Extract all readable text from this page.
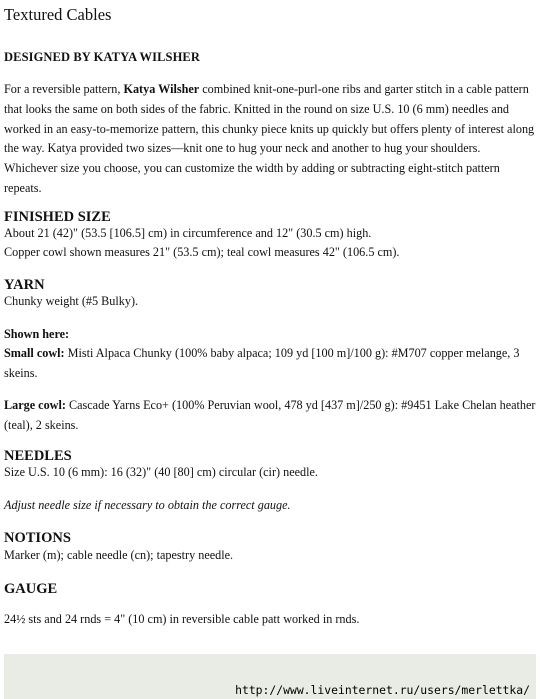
Textured Cables
DESIGNED BY KATYA WILSHER
For a reversible pattern, Katya Wilsher combined knit-one-purl-one ribs and garter stitch in a cable pattern that looks the same on both sides of the fabric. Knitted in the round on size U.S. 10 (6 mm) needles and worked in an easy-to-memorize pattern, this chunky piece knits up quickly but offers plenty of interest along the way. Katya provided two sizes—knit one to hug your neck and another to hug your shoulders. Whichever size you choose, you can customize the width by adding or subtracting eight-stitch pattern repeats.
FINISHED SIZE
About 21 (42)" (53.5 [106.5] cm) in circumference and 12" (30.5 cm) high.
Copper cowl shown measures 21" (53.5 cm); teal cowl measures 42" (106.5 cm).
YARN
Chunky weight (#5 Bulky).
Shown here:
Small cowl: Misti Alpaca Chunky (100% baby alpaca; 109 yd [100 m]/100 g): #M707 copper melange, 3 skeins.
Large cowl: Cascade Yarns Eco+ (100% Peruvian wool, 478 yd [437 m]/250 g): #9451 Lake Chelan heather (teal), 2 skeins.
NEEDLES
Size U.S. 10 (6 mm): 16 (32)" (40 [80] cm) circular (cir) needle.
Adjust needle size if necessary to obtain the correct gauge.
NOTIONS
Marker (m); cable needle (cn); tapestry needle.
GAUGE
24½ sts and 24 rnds = 4" (10 cm) in reversible cable patt worked in rnds.
http://www.liveinternet.ru/users/merlettka/
